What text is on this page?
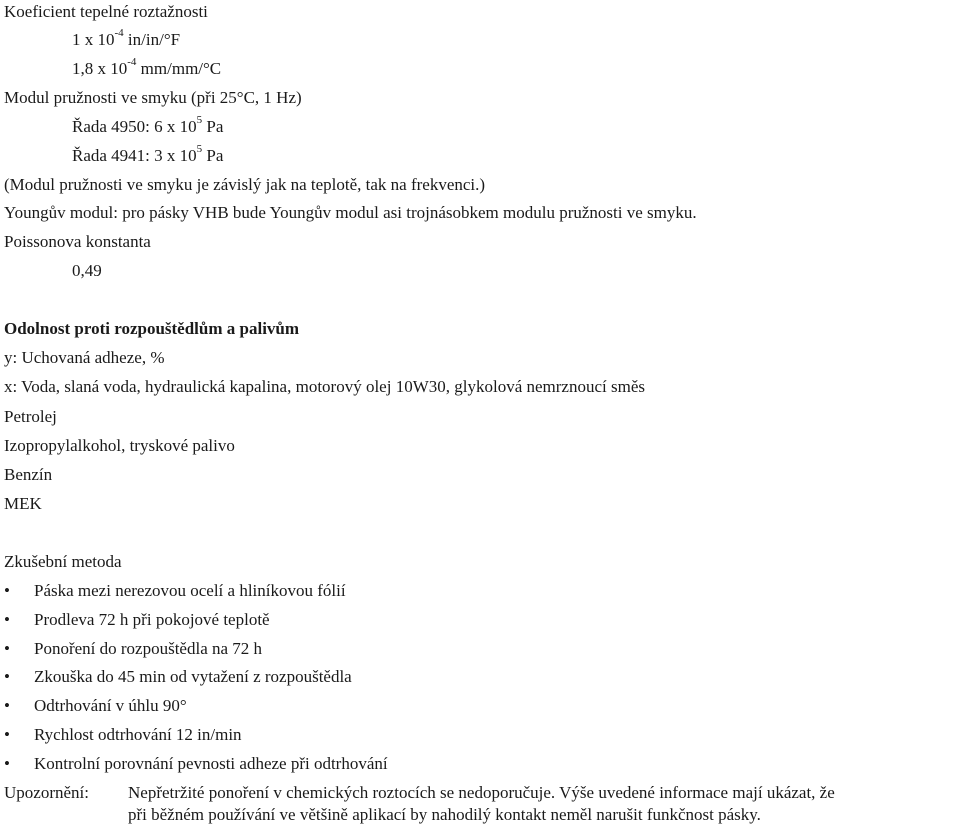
Koeficient tepelné roztažnosti
1 x $10^{-4}$ in/in/°F
1,8 x $10^{-4}$ mm/mm/°C
Modul pružnosti ve smyku (při 25°C, 1 Hz)
Řada 4950: 6 x $10^5$ Pa
Řada 4941: 3 x $10^5$ Pa
(Modul pružnosti ve smyku je závislý jak na teplotě, tak na frekvenci.)
Youngův modul: pro pásky VHB bude Youngův modul asi trojnásobkem modulu pružnosti ve smyku.
Poissonova konstanta
0,49
Odolnost proti rozpouštědlům a palivům
y: Uchovaná adheze, %
x: Voda, slaná voda, hydraulická kapalina, motorový olej 10W30, glykolová nemrznoucí směs
Petrolej
Izopropylalkohol, tryskové palivo
Benzín
MEK
Zkušební metoda
• Páska mezi nerezovou ocelí a hliníkovou fólií
• Prodleva 72 h při pokojové teplotě
• Ponoření do rozpouštědla na 72 h
• Zkouška do 45 min od vytažení z rozpouštědla
• Odtrhování v úhlu 90°
• Rychlost odtrhování 12 in/min
• Kontrolní porovnání pevnosti adheze při odtrhování
Upozornění: Nepřetržité ponoření v chemických roztocích se nedoporučuje. Výše uvedené informace mají ukázat, že
při běžném používání ve většině aplikací by nahodilý kontakt neměl narušit funkčnost pásky.
